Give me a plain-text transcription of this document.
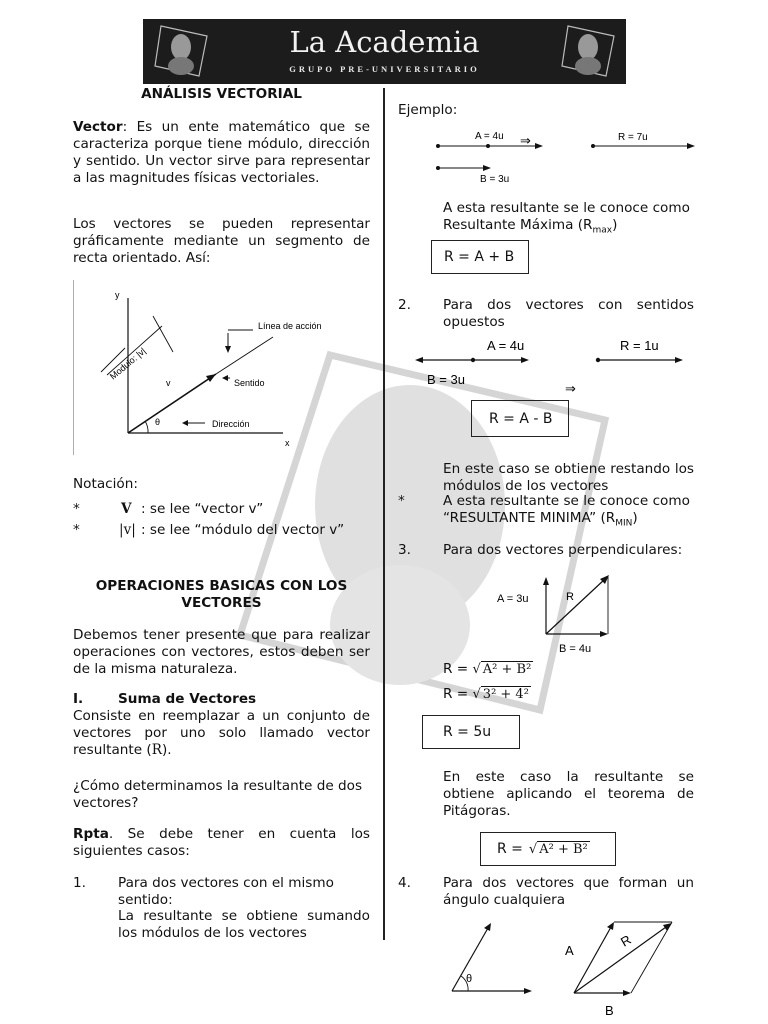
La Academia
GRUPO PRE-UNIVERSITARIO
ANÁLISIS VECTORIAL
Vector: Es un ente matemático que se caracteriza porque tiene módulo, dirección y sentido. Un vector sirve para representar a las magnitudes físicas vectoriales.
Los vectores se pueden representar gráficamente mediante un segmento de recta orientado. Así:
y
x
Modulo: |v|
Línea de acción
v	Sentido
θ	Dirección
Notación:
*	V : se lee “vector v”
*	|v| : se lee “módulo del vector v”
OPERACIONES BASICAS CON LOS
VECTORES
Debemos tener presente que para realizar operaciones con vectores, estos deben ser de la misma naturaleza.
I.	Suma de Vectores
Consiste en reemplazar a un conjunto de vectores por uno solo llamado vector resultante (R).
¿Cómo determinamos la resultante de dos vectores?
Rpta. Se debe tener en cuenta los siguientes casos:
1. Para dos vectores con el mismo sentido:
La resultante se obtiene sumando los módulos de los vectores
Ejemplo:
A = 4u ⇒	R = 7u
B = 3u
A esta resultante se le conoce como Resultante Máxima $(R_{max})$
R = A + B
2. Para dos vectores con sentidos opuestos
A = 4u	R = 1u
B = 3u
⇒
R = A - B
En este caso se obtiene restando los módulos de los vectores
*	A esta resultante se le conoce como “RESULTANTE MINIMA” $(R_{MIN})$
3. Para dos vectores perpendiculares:
A = 3u	R
B = 4u
R = √ A² + B²
R = √ 3² + 4²
R = 5u
En este caso la resultante se obtiene aplicando el teorema de Pitágoras.
R = √ A² + B²
4. Para dos vectores que forman un ángulo cualquiera
θ
A
R
B
